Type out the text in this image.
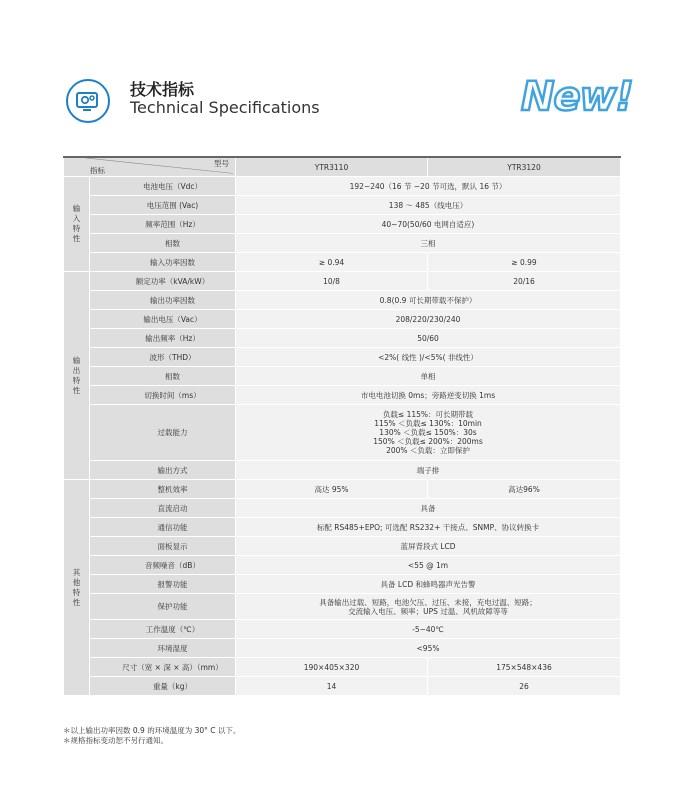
技术指标
Technical Specifications	New!
型号
指标		YTR3110	YTR3120
输入特性	电池电压（Vdc）	192~240（16 节 ~20 节可选，默认 16 节）	
	电压范围 (Vac)	138 ～ 485（线电压）	
	频率范围（Hz）	40~70(50/60 电网自适应)	
	相数	三相	
	输入功率因数	≥ 0.94	≥ 0.99
输出特性	额定功率（kVA/kW）	10/8	20/16
	输出功率因数	0.8(0.9 可长期带载不保护）	
	输出电压（Vac）	208/220/230/240	
	输出频率（Hz）	50/60	
	波形（THD）	<2%( 线性 )/<5%( 非线性）	
	相数	单相	
	切换时间（ms）	市电电池切换 0ms；旁路逆变切换 1ms	
	过载能力	负载≤ 115%：可长期带载
115% ＜负载≤ 130%：10min
130% ＜负载≤ 150%：30s
150% ＜负载≤ 200%：200ms
200% ＜负载：立即保护	

	输出方式	端子排	
其他特性	整机效率	高达 95%	高达96%
	直流启动	具备	
	通信功能	标配 RS485+EPO; 可选配 RS232+ 干接点、SNMP、协议转换卡	
	面板显示	蓝屏背段式 LCD	
	音频噪音（dB）	<55 @ 1m	
	报警功能	具备 LCD 和蜂鸣器声光告警	
	保护功能	具备输出过载、短路，电池欠压、过压、未接，充电过温、短路；
交流输入电压、频率；UPS 过温、风机故障等等	

	工作温度（℃）	-5~40℃	
	环境湿度	<95%	
	尺寸（宽 × 深 × 高）（mm）	190×405×320	175×548×436
	重量（kg）	14	26
＊以上输出功率因数 0.9 的环境温度为 30° C 以下。
＊规格指标变动恕不另行通知。
